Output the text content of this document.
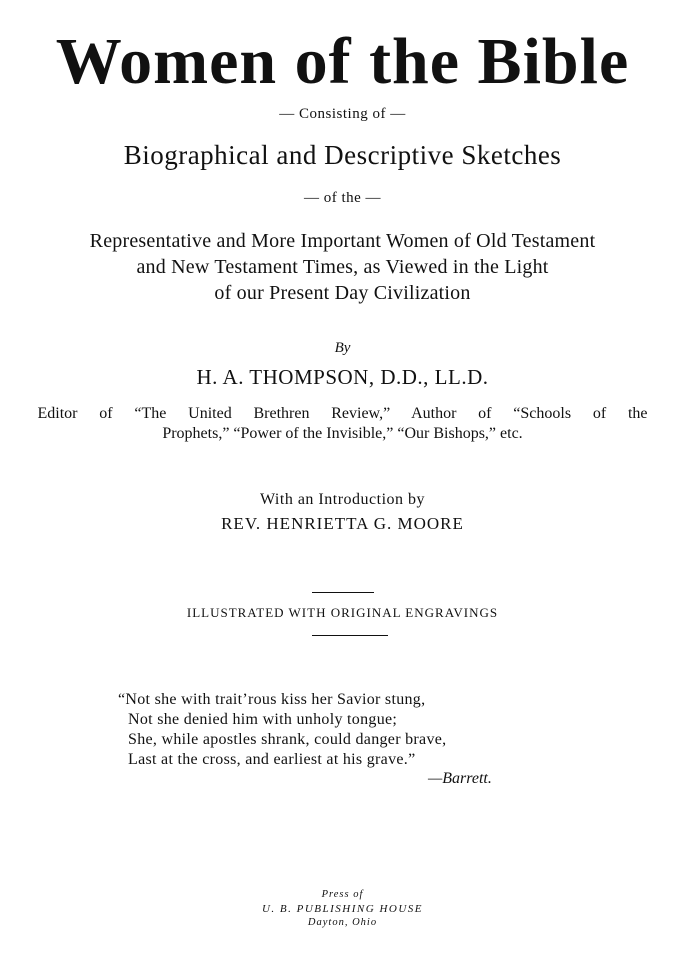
Women of the Bible
— Consisting of —
Biographical and Descriptive Sketches
— of the —
Representative and More Important Women of Old Testament
and New Testament Times, as Viewed in the Light
of our Present Day Civilization
By
H. A. THOMPSON, D.D., LL.D.
Editor of “The United Brethren Review,” Author of “Schools of the
Prophets,” “Power of the Invisible,” “Our Bishops,” etc.
With an Introduction by
REV. HENRIETTA G. MOORE
ILLUSTRATED WITH ORIGINAL ENGRAVINGS
“Not she with trait’rous kiss her Savior stung,
Not she denied him with unholy tongue;
She, while apostles shrank, could danger brave,
Last at the cross, and earliest at his grave.”
—Barrett.
Press of
U. B. PUBLISHING HOUSE
Dayton, Ohio
